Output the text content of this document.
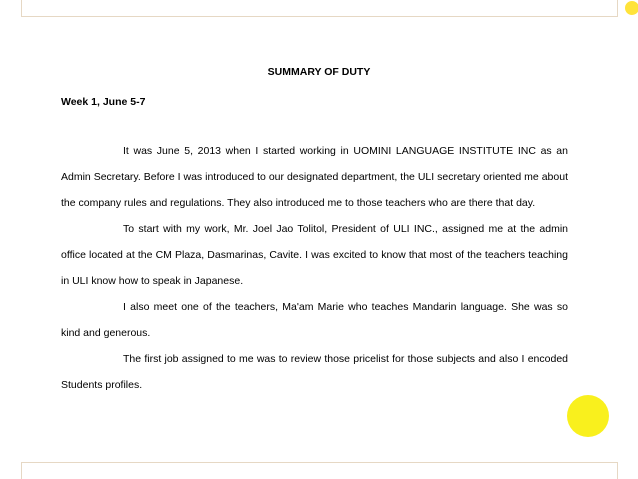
SUMMARY OF DUTY
Week 1, June 5-7

It was June 5, 2013 when I started working in UOMINI LANGUAGE INSTITUTE INC as an Admin Secretary. Before I was introduced to our designated department, the ULI secretary oriented me about the company rules and regulations. They also introduced me to those teachers who are there that day.

To start with my work, Mr. Joel Jao Tolitol, President of ULI INC., assigned me at the admin office located at the CM Plaza, Dasmarinas, Cavite. I was excited to know that most of the teachers teaching in ULI know how to speak in Japanese.

I also meet one of the teachers, Ma'am Marie who teaches Mandarin language. She was so kind and generous.

The first job assigned to me was to review those pricelist for those subjects and also I encoded Students profiles.
